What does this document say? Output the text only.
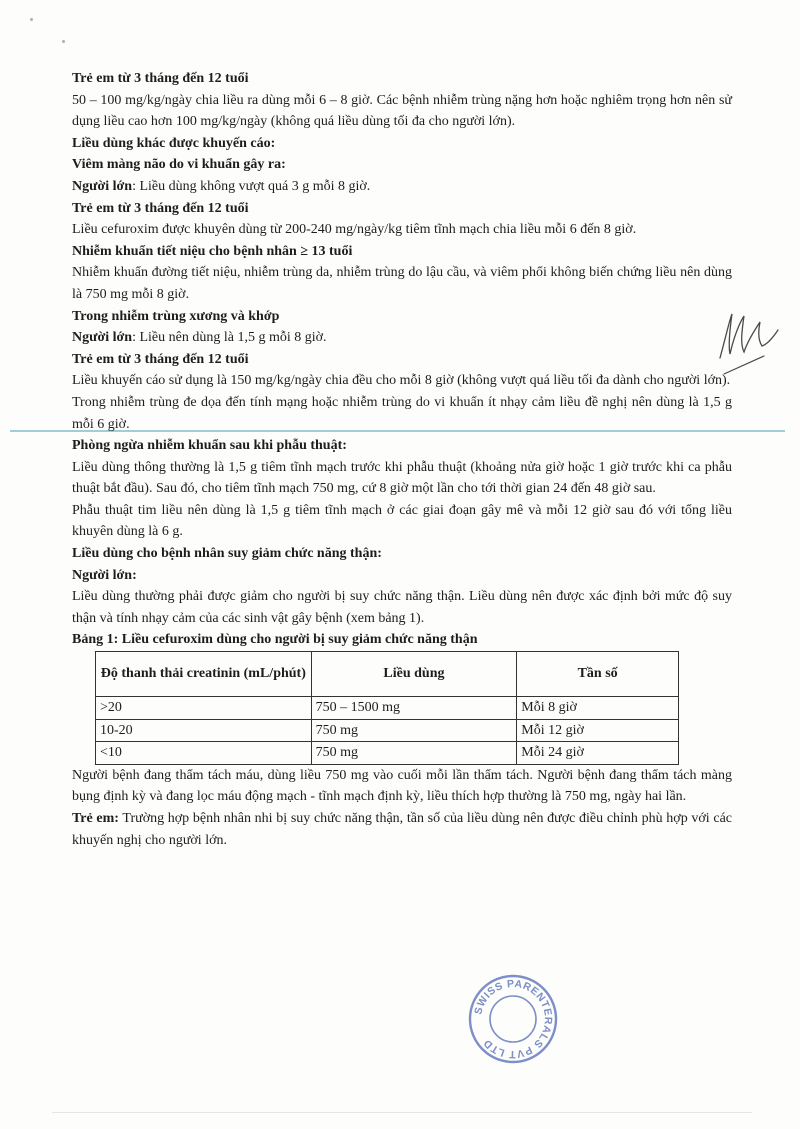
Trẻ em từ 3 tháng đến 12 tuổi

50 – 100 mg/kg/ngày chia liều ra dùng mỗi 6 – 8 giờ. Các bệnh nhiễm trùng nặng hơn hoặc nghiêm trọng hơn nên sử dụng liều cao hơn 100 mg/kg/ngày (không quá liều dùng tối đa cho người lớn).

Liều dùng khác được khuyến cáo:

Viêm màng não do vi khuẩn gây ra:

Người lớn: Liều dùng không vượt quá 3 g mỗi 8 giờ.

Trẻ em từ 3 tháng đến 12 tuổi

Liều cefuroxim được khuyên dùng từ 200-240 mg/ngày/kg tiêm tĩnh mạch chia liều mỗi 6 đến 8 giờ.

Nhiễm khuẩn tiết niệu cho bệnh nhân ≥ 13 tuổi

Nhiễm khuẩn đường tiết niệu, nhiễm trùng da, nhiễm trùng do lậu cầu, và viêm phổi không biến chứng liều nên dùng là 750 mg mỗi 8 giờ.

Trong nhiễm trùng xương và khớp

Người lớn: Liều nên dùng là 1,5 g mỗi 8 giờ.

Trẻ em từ 3 tháng đến 12 tuổi

Liều khuyến cáo sử dụng là 150 mg/kg/ngày chia đều cho mỗi 8 giờ (không vượt quá liều tối đa dành cho người lớn).

Trong nhiễm trùng đe dọa đến tính mạng hoặc nhiễm trùng do vi khuẩn ít nhạy cảm liều đề nghị nên dùng là 1,5 g mỗi 6 giờ.

Phòng ngừa nhiễm khuẩn sau khi phẫu thuật:

Liều dùng thông thường là 1,5 g tiêm tĩnh mạch trước khi phẫu thuật (khoảng nửa giờ hoặc 1 giờ trước khi ca phẫu thuật bắt đầu). Sau đó, cho tiêm tĩnh mạch 750 mg, cứ 8 giờ một lần cho tới thời gian 24 đến 48 giờ sau.

Phẫu thuật tim liều nên dùng là 1,5 g tiêm tĩnh mạch ở các giai đoạn gây mê và mỗi 12 giờ sau đó với tổng liều khuyên dùng là 6 g.

Liều dùng cho bệnh nhân suy giảm chức năng thận:

Người lớn:

Liều dùng thường phải được giảm cho người bị suy chức năng thận. Liều dùng nên được xác định bởi mức độ suy thận và tính nhạy cảm của các sinh vật gây bệnh (xem bảng 1).

Bảng 1: Liều cefuroxim dùng cho người bị suy giảm chức năng thận

Độ thanh thải creatinin (mL/phút)	Liều dùng	Tần số
>20	750 – 1500 mg	Mỗi 8 giờ
10-20	750 mg	Mỗi 12 giờ
<10	750 mg	Mỗi 24 giờ

Người bệnh đang thẩm tách máu, dùng liều 750 mg vào cuối mỗi lần thẩm tách. Người bệnh đang thẩm tách màng bụng định kỳ và đang lọc máu động mạch - tĩnh mạch định kỳ, liều thích hợp thường là 750 mg, ngày hai lần.

Trẻ em: Trường hợp bệnh nhân nhi bị suy chức năng thận, tần số của liều dùng nên được điều chỉnh phù hợp với các khuyến nghị cho người lớn.

SWISS PARENTERALS PVT LTD
